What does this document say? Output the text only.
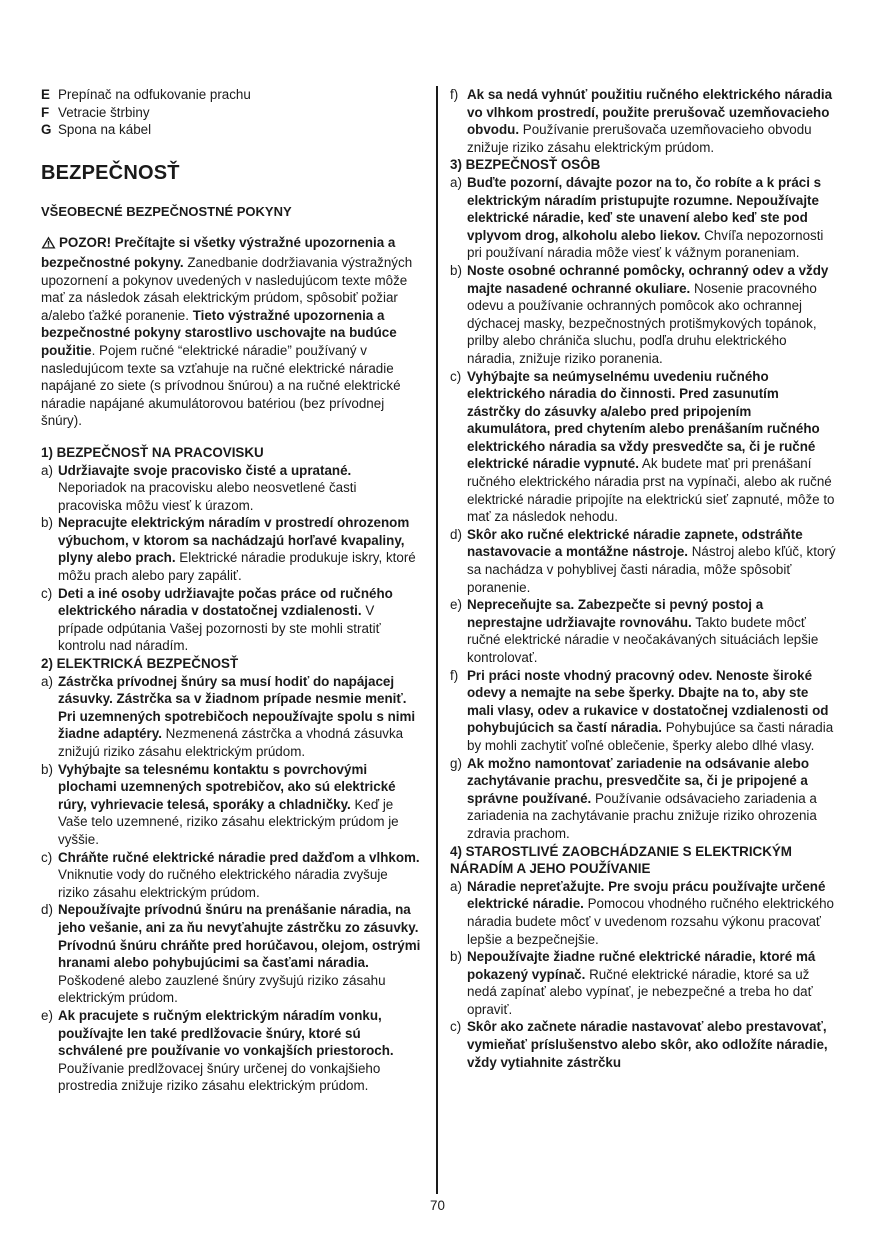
E Prepínač na odfukovanie prachu
F Vetracie štrbiny
G Spona na kábel
BEZPEČNOSŤ
VŠEOBECNÉ BEZPEČNOSTNÉ POKYNY
POZOR! Prečítajte si všetky výstražné upozornenia a bezpečnostné pokyny. Zanedbanie dodržiavania výstražných upozornení a pokynov uvedených v nasledujúcom texte môže mať za následok zásah elektrickým prúdom, spôsobiť požiar a/alebo ťažké poranenie. Tieto výstražné upozornenia a bezpečnostné pokyny starostlivo uschovajte na budúce použitie. Pojem ručné “elektrické náradie” používaný v nasledujúcom texte sa vzťahuje na ručné elektrické náradie napájané zo siete (s prívodnou šnúrou) a na ručné elektrické náradie napájané akumulátorovou batériou (bez prívodnej šnúry).
1) BEZPEČNOSŤ NA PRACOVISKU
a) Udržiavajte svoje pracovisko čisté a upratané. Neporiadok na pracovisku alebo neosvetlené časti pracoviska môžu viesť k úrazom.
b) Nepracujte elektrickým náradím v prostredí ohrozenom výbuchom, v ktorom sa nachádzajú horľavé kvapaliny, plyny alebo prach. Elektrické náradie produkuje iskry, ktoré môžu prach alebo pary zapáliť.
c) Deti a iné osoby udržiavajte počas práce od ručného elektrického náradia v dostatočnej vzdialenosti. V prípade odpútania Vašej pozornosti by ste mohli stratiť kontrolu nad náradím.
2) ELEKTRICKÁ BEZPEČNOSŤ
a) Zástrčka prívodnej šnúry sa musí hodiť do napájacej zásuvky. Zástrčka sa v žiadnom prípade nesmie meniť. Pri uzemnených spotrebičoch nepoužívajte spolu s nimi žiadne adaptéry. Nezmenená zástrčka a vhodná zásuvka znižujú riziko zásahu elektrickým prúdom.
b) Vyhýbajte sa telesnému kontaktu s povrchovými plochami uzemnených spotrebičov, ako sú elektrické rúry, vyhrievacie telesá, sporáky a chladničky. Keď je Vaše telo uzemnené, riziko zásahu elektrickým prúdom je vyššie.
c) Chráňte ručné elektrické náradie pred dažďom a vlhkom. Vniknutie vody do ručného elektrického náradia zvyšuje riziko zásahu elektrickým prúdom.
d) Nepoužívajte prívodnú šnúru na prenášanie náradia, na jeho vešanie, ani za ňu nevyťahujte zástrčku zo zásuvky. Prívodnú šnúru chráňte pred horúčavou, olejom, ostrými hranami alebo pohybujúcimi sa časťami náradia. Poškodené alebo zauzlené šnúry zvyšujú riziko zásahu elektrickým prúdom.
e) Ak pracujete s ručným elektrickým náradím vonku, používajte len také predlžovacie šnúry, ktoré sú schválené pre používanie vo vonkajších priestoroch. Používanie predlžovacej šnúry určenej do vonkajšieho prostredia znižuje riziko zásahu elektrickým prúdom.
f) Ak sa nedá vyhnúť použitiu ručného elektrického náradia vo vlhkom prostredí, použite prerušovač uzemňovacieho obvodu. Používanie prerušovača uzemňovacieho obvodu znižuje riziko zásahu elektrickým prúdom.
3) BEZPEČNOSŤ OSÔB
a) Buďte pozorní, dávajte pozor na to, čo robíte a k práci s elektrickým náradím pristupujte rozumne. Nepoužívajte elektrické náradie, keď ste unavení alebo keď ste pod vplyvom drog, alkoholu alebo liekov. Chvíľa nepozornosti pri používaní náradia môže viesť k vážnym poraneniam.
b) Noste osobné ochranné pomôcky, ochranný odev a vždy majte nasadené ochranné okuliare. Nosenie pracovného odevu a používanie ochranných pomôcok ako ochrannej dýchacej masky, bezpečnostných protišmykových topánok, prilby alebo chrániča sluchu, podľa druhu elektrického náradia, znižuje riziko poranenia.
c) Vyhýbajte sa neúmyselnému uvedeniu ručného elektrického náradia do činnosti. Pred zasunutím zástrčky do zásuvky a/alebo pred pripojením akumulátora, pred chytením alebo prenášaním ručného elektrického náradia sa vždy presvedčte sa, či je ručné elektrické náradie vypnuté. Ak budete mať pri prenášaní ručného elektrického náradia prst na vypínači, alebo ak ručné elektrické náradie pripojíte na elektrickú sieť zapnuté, môže to mať za následok nehodu.
d) Skôr ako ručné elektrické náradie zapnete, odstráňte nastavovacie a montážne nástroje. Nástroj alebo kľúč, ktorý sa nachádza v pohyblivej časti náradia, môže spôsobiť poranenie.
e) Nepreceňujte sa. Zabezpečte si pevný postoj a neprestajne udržiavajte rovnováhu. Takto budete môcť ručné elektrické náradie v neočakávaných situáciách lepšie kontrolovať.
f) Pri práci noste vhodný pracovný odev. Nenoste široké odevy a nemajte na sebe šperky. Dbajte na to, aby ste mali vlasy, odev a rukavice v dostatočnej vzdialenosti od pohybujúcich sa častí náradia. Pohybujúce sa časti náradia by mohli zachytiť voľné oblečenie, šperky alebo dlhé vlasy.
g) Ak možno namontovať zariadenie na odsávanie alebo zachytávanie prachu, presvedčite sa, či je pripojené a správne používané. Používanie odsávacieho zariadenia a zariadenia na zachytávanie prachu znižuje riziko ohrozenia zdravia prachom.
4) STAROSTLIVÉ ZAOBCHÁDZANIE S ELEKTRICKÝM NÁRADÍM A JEHO POUŽÍVANIE
a) Náradie nepreťažujte. Pre svoju prácu používajte určené elektrické náradie. Pomocou vhodného ručného elektrického náradia budete môcť v uvedenom rozsahu výkonu pracovať lepšie a bezpečnejšie.
b) Nepoužívajte žiadne ručné elektrické náradie, ktoré má pokazený vypínač. Ručné elektrické náradie, ktoré sa už nedá zapínať alebo vypínať, je nebezpečné a treba ho dať opraviť.
c) Skôr ako začnete náradie nastavovať alebo prestavovať, vymieňať príslušenstvo alebo skôr, ako odložíte náradie, vždy vytiahnite zástrčku
70
